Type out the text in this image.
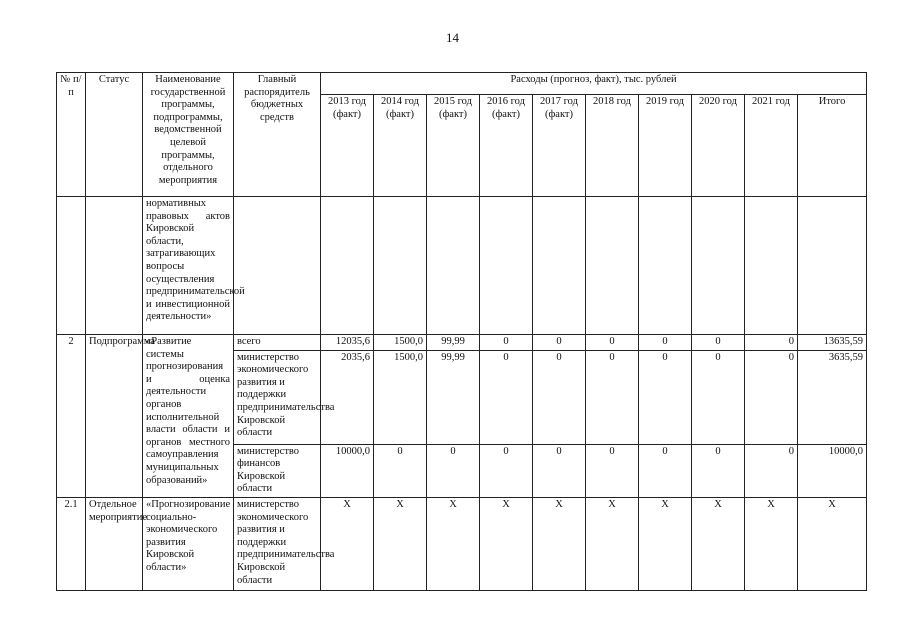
14
№ п/п	Статус	Наименование государственной программы, подпрограммы, ведомственной целевой программы, отдельного мероприятия	Главный распорядитель бюджетных средств	Расходы (прогноз, факт), тыс. рублей									
				2013 год (факт)	2014 год (факт)	2015 год (факт)	2016 год (факт)	2017 год (факт)	2018 год	2019 год	2020 год	2021 год	Итого
		нормативных правовых актов Кировской области, затрагивающих вопросы осуществления предпринимательской и инвестиционной деятельности»											
2	Подпрограмма	«Развитие системы прогнозирования и оценка деятельности органов исполнительной власти области и органов местного самоуправления муниципальных образований»	всего	12035,6	1500,0	99,99	0	0	0	0	0	0	13635,59
			министерство экономического развития и поддержки предпринимательства Кировской области	2035,6	1500,0	99,99	0	0	0	0	0	0	3635,59
			министерство финансов Кировской области	10000,0	0	0	0	0	0	0	0	0	10000,0
2.1	Отдельное мероприятие	«Прогнозирование социально-экономического развития Кировской области»	министерство экономического развития и поддержки предпринимательства Кировской области	Х	Х	Х	Х	Х	Х	Х	Х	Х	Х
